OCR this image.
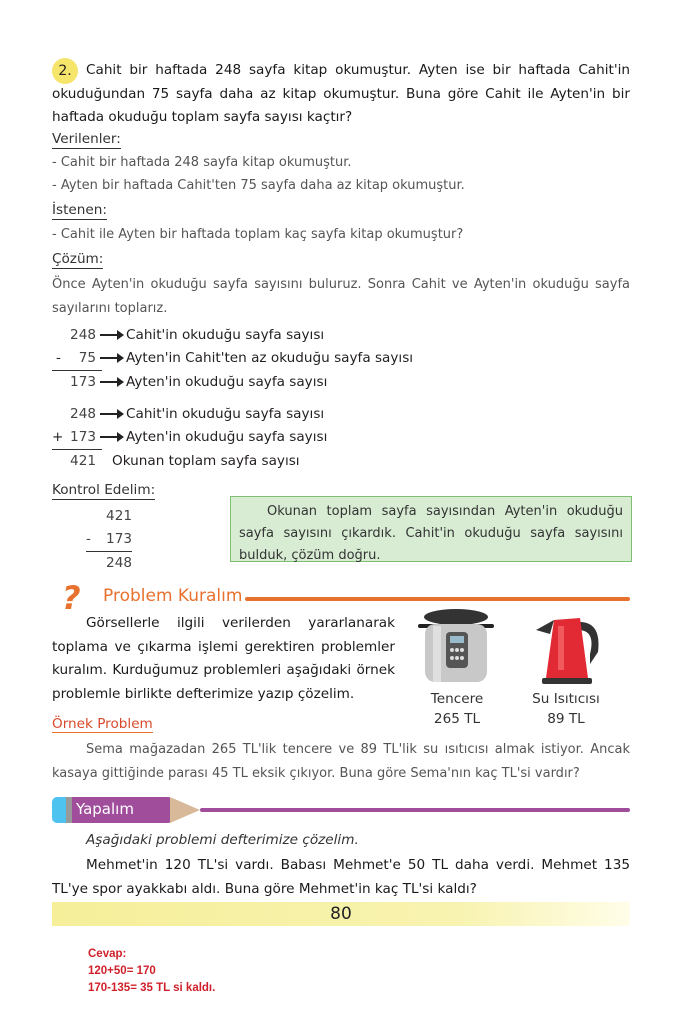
2.	Cahit bir haftada 248 sayfa kitap okumuştur. Ayten ise bir haftada Cahit'in okuduğundan 75 sayfa daha az kitap okumuştur. Buna göre Cahit ile Ayten'in bir haftada okuduğu toplam sayfa sayısı kaçtır?
Verilenler:
- Cahit bir haftada 248 sayfa kitap okumuştur.
- Ayten bir haftada Cahit'ten 75 sayfa daha az kitap okumuştur.
İstenen:
- Cahit ile Ayten bir haftada toplam kaç sayfa kitap okumuştur?
Çözüm:
Önce Ayten'in okuduğu sayfa sayısını buluruz. Sonra Cahit ve Ayten'in okuduğu sayfa sayılarını toplarız.
248 Cahit'in okuduğu sayfa sayısı
- 75 Ayten'in Cahit'ten az okuduğu sayfa sayısı
173 Ayten'in okuduğu sayfa sayısı
248 Cahit'in okuduğu sayfa sayısı
+ 173 Ayten'in okuduğu sayfa sayısı
421 Okunan toplam sayfa sayısı
Kontrol Edelim:
421
- 173
248
Okunan toplam sayfa sayısından Ayten'in okuduğu sayfa sayısını çıkardık. Cahit'in okuduğu sayfa sayısını bulduk, çözüm doğru.
? Problem Kuralım
Görsellerle ilgili verilerden yararlanarak toplama ve çıkarma işlemi gerektiren problemler kuralım. Kurduğumuz problemleri aşağıdaki örnek problemle birlikte defterimize yazıp çözelim.	Tencere
265 TL
Su Isıtıcısı
89 TL
Örnek Problem
Sema mağazadan 265 TL'lik tencere ve 89 TL'lik su ısıtıcısı almak istiyor. Ancak kasaya gittiğinde parası 45 TL eksik çıkıyor. Buna göre Sema'nın kaç TL'si vardır?
Yapalım
Aşağıdaki problemi defterimize çözelim.
Mehmet'in 120 TL'si vardı. Babası Mehmet'e 50 TL daha verdi. Mehmet 135 TL'ye spor ayakkabı aldı. Buna göre Mehmet'in kaç TL'si kaldı?
80
Cevap:
120+50= 170
170-135= 35 TL si kaldı.
